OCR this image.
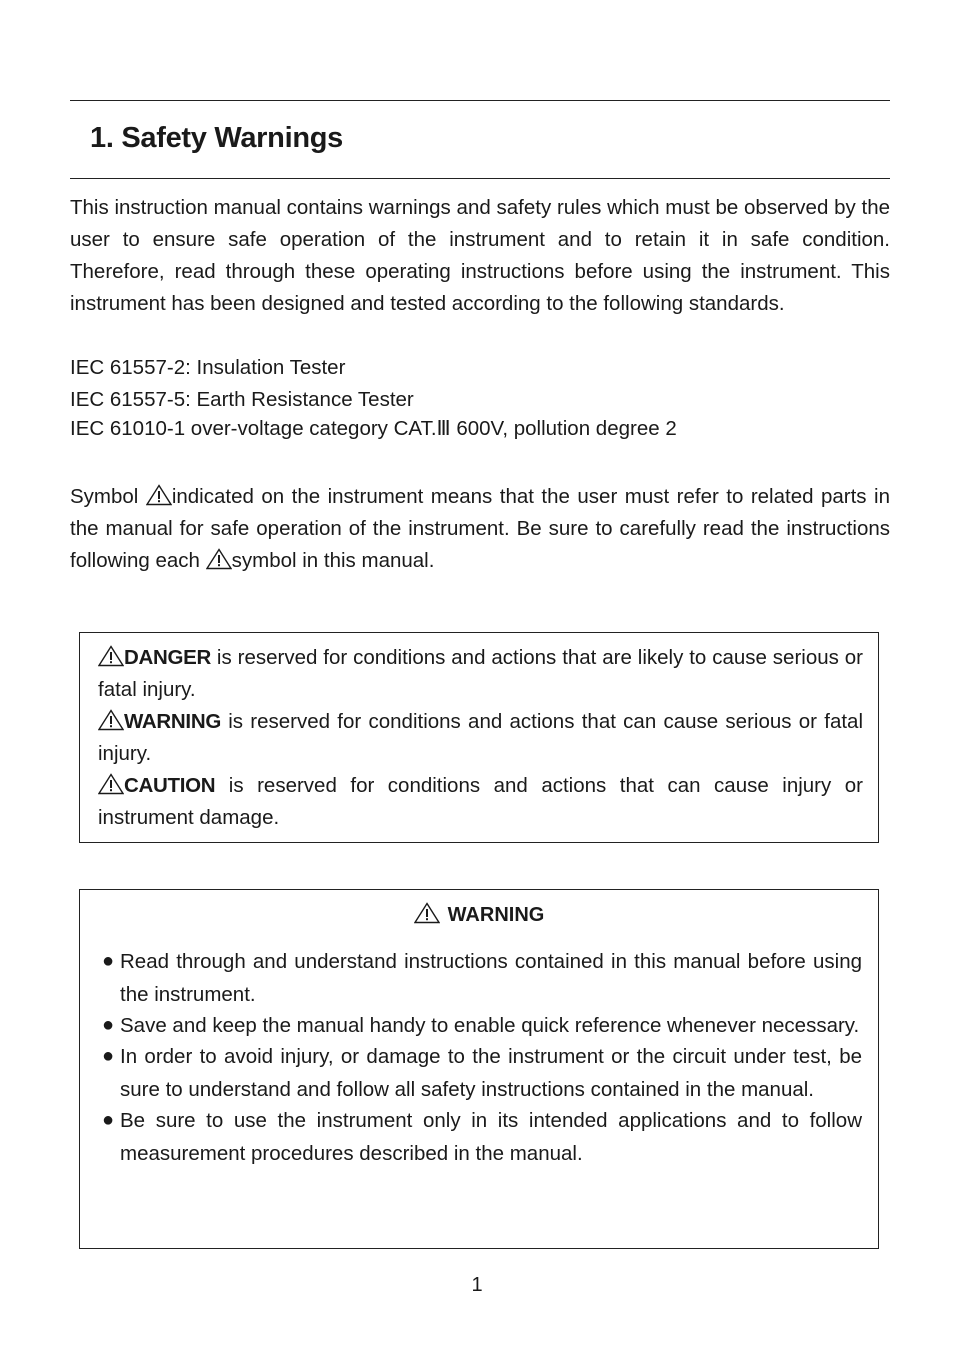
1. Safety Warnings
This instruction manual contains warnings and safety rules which must be observed by the user to ensure safe operation of the instrument and to retain it in safe condition. Therefore, read through these operating instructions before using the instrument. This instrument has been designed and tested according to the following standards.
IEC 61557-2: Insulation Tester
IEC 61557-5: Earth Resistance Tester
IEC 61010-1 over-voltage category CAT.Ⅲ 600V, pollution degree 2
Symbol indicated on the instrument means that the user must refer to related parts in the manual for safe operation of the instrument. Be sure to carefully read the instructions following each symbol in this manual.
DANGER is reserved for conditions and actions that are likely to cause serious or fatal injury.
WARNING is reserved for conditions and actions that can cause serious or fatal injury.
CAUTION is reserved for conditions and actions that can cause injury or instrument damage.
WARNING
● Read through and understand instructions contained in this manual before using the instrument.
● Save and keep the manual handy to enable quick reference whenever necessary.
● In order to avoid injury, or damage to the instrument or the circuit under test, be sure to understand and follow all safety instructions contained in the manual.
● Be sure to use the instrument only in its intended applications and to follow measurement procedures described in the manual.
1
